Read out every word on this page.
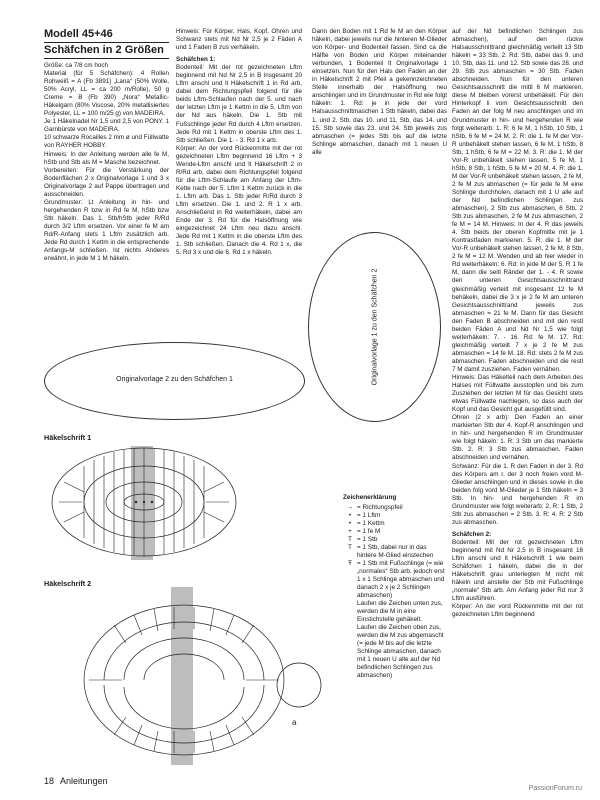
Modell 45+46
Schäfchen in 2 Größen

Größe: ca 7/8 cm hoch

Material (für 5 Schäfchen): 4 Rollen Rohweiß = A (Fb 3891) „Lana“ (50% Wolle, 50% Acryl, LL = ca 200 m/Rolle), 50 g Creme = B (Fb 390) „Nora“ Metallic-Häkelgarn (80% Viscose, 20% metallisiertes Polyester, LL = 100 m/25 g) von MADEIRA.

Je 1 Häkelnadel Nr 1,5 und 2,5 von PONY. 1 Garnbürste von MADEIRA.

10 schwarze Rocailles 2 mm ø und Füllwatte von RAYHER HOBBY.

Hinweis: In der Anleitung werden alle fe M, hStb und Stb als M = Masche bezeichnet.

Vorbereiten: Für die Verstärkung der Bodenflächen 2 x Originalvorlage 1 und 3 x Originalvorlage 2 auf Pappe übertragen und ausschneiden.

Grundmuster: Lt Anleitung in hin- und hergehenden R bzw in Rd fe M, hStb bzw Stb häkeln. Das 1. Stb/hStb jeder R/Rd durch 3/2 Lftm ersetzen. Vor einer fe M am Rd/R-Anfang stets 1 Lftm zusätzlich arb. Jede Rd durch 1 Kettm in die entsprechende Anfangs-M schließen. Ist nichts Anderes erwähnt, in jede M 1 M häkeln.

Hinweis: Für Körper, Hals, Kopf, Ohren und Schwanz stets mit Nd Nr 2,5 je 2 Fäden A und 1 Faden B zus verhäkeln.

Schäfchen 1:

Bodenteil: Mit der rot gezeichneten Lftm beginnend mit Nd Nr 2,5 in B insgesamt 20 Lftm anschl und lt Häkelschrift 1 in Rd arb, dabei dem Richtungspfeil folgend für die beids Lftm-Schlaufen nach der 5. und nach der letzten Lftm je 1 Kettm in die 5. Lftm von der Nd aus häkeln. Die 1. Stb mit Fußschlinge jeder Rd durch 4 Lftm ersetzen. Jede Rd mit 1 Kettm in oberste Lftm des 1. Stb schließen. Die 1. - 3. Rd 1 x arb.

Körper: An der vord Rückenmitte mit der rot gezeichneten Lftm beginnend 16 Lftm + 3 Wende-Lftm anschl und lt Häkelschrift 2 in R/Rd arb, dabei dem Richtungspfeil folgend für die Lftm-Schlaufe am Anfang der Lftm-Kette nach der 5. Lftm 1 Kettm zurück in die 1. Lftm arb. Das 1. Stb jeder R/Rd durch 3 Lftm ersetzen. Die 1. und 2. R 1 x arb. Anschließend in Rd weiterhäkeln, dabei am Ende der 3. Rd für die Halsöffnung wie eingezeichnet 24 Lftm neu dazu anschl. Jede Rd mit 1 Kettm in die oberste Lftm des 1. Stb schließen. Danach die 4. Rd 1 x, die 5. Rd 3 x und die 6. Rd 1 x häkeln.

Dann den Boden mit 1 Rd fe M an den Körper häkeln, dabei jeweils nur die hinteren M-Glieder von Körper- und Bodenteil fassen. Sind ca die Hälfte von Boden und Körper miteinander verbunden, 1 Bodenteil lt Originalvorlage 1 einsetzen. Nun für den Hals den Faden an der in Häkelschrift 2 mit Pfeil a gekennzeichneten Stelle innerhalb der Halsöffnung neu anschlingen und im Grundmuster in Rd wie folgt häkeln: 1. Rd: je in jede der vord Halsausschnittmaschen 1 Stb häkeln, dabei das 1. und 2. Stb, das 10. und 11. Stb, das 14. und 15. Stb sowie das 23. und 24. Stb jeweils zus abmaschen (= jedes Stb bis auf die letzte Schlinge abmaschen, danach mit 1 neuen U alle

auf der Nd befindlichen Schlingen zus abmaschen), auf den rückw Halsausschnittrand gleichmäßig verteilt 13 Stb häkeln = 33 Stb. 2. Rd: Stb, dabei das 9. und 10. Stb, das 11. und 12. Stb sowie das 28. und 29. Stb zus abmaschen = 30 Stb. Faden abschneiden. Nun für den unteren Gesichtsausschnitt die mittl 6 M markieren, diese M bleiben vorerst unbehäkelt. Für den Hinterkopf li vom Gesichtsausschnitt den Faden an der folg M neu anschlingen und im Grundmuster in hin- und hergehenden R wie folgt weiterarb: 1. R: 6 fe M, 1 hStb, 10 Stb, 1 hStb, 6 fe M = 24 M. 2. R: die 1. fe M der Vor-R unbehäkelt stehen lassen, 6 fe M, 1 hStb, 8 Stb, 1 hStb, 6 fe M = 22 M. 3. R: die 1. M der Vor-R unbehäkelt stehen lassen, 5 fe M, 1 hStb, 8 Stb, 1 hStb, 5 fe M = 20 M. 4. R: die 1. M der Vor-R unbehäkelt stehen lassen, 2 fe M, 2 fe M zus abmaschen (= für jede fe M eine Schlinge durchholen, danach mit 1 U alle auf der Nd befindlichen Schlingen zus abmaschen), 2 Stb zus abmaschen, 6 Stb, 2 Stb zus abmaschen, 2 fe M zus abmaschen, 2 fe M = 14 M. Hinweis: In der 4. R das jeweils 4. Stb beids der oberen Kopfmitte mit je 1 Kontrastfaden markieren. 5. R: die 1. M der Vor-R unbehäkelt stehen lassen, 2 fe M, 8 Stb, 2 fe M = 12 M. Wenden und ab hier wieder in Rd weiterhäkeln: 6. Rd: in jede M der 5. R 1 fe M, dann die seitl Ränder der 1. - 4. R sowie den unteren Gesichtsausschnittrand gleichmäßig verteilt mit insgesamt 12 fe M behäkeln, dabei die 3 x je 2 fe M am unteren Gesichtsausschnittrand jeweils zus abmaschen = 21 fe M. Dann für das Gesicht den Faden B abschneiden und mit den restl beiden Fäden A und Nd Nr 1,5 wie folgt weiterhäkeln: 7. - 16. Rd: fe M. 17. Rd: gleichmäßig verteilt 7 x je 2 fe M zus abmaschen = 14 fe M. 18. Rd: stets 2 fe M zus abmaschen. Faden abschneiden und die restl 7 M damit zusziehen. Faden vernähen.

Hinweis: Das Häkelteil nach dem Arbeiten des Halses mit Füllwatte ausstopfen und bis zum Zusziehen der letzten M für das Gesicht stets etwas Füllwatte nachlegen, so dass auch der Kopf und das Gesicht gut ausgefüllt sind.

Ohren (2 x arb): Den Faden an einer markierten Stb der 4. Kopf-R anschlingen und in hin- und hergehenden R im Grundmuster wie folgt häkeln: 1. R: 3 Stb um das markierte Stb. 2. R: 3 Stb zus abmaschen. Faden abschneiden und vernähen.

Schwanz: Für die 1. R den Faden in der 3. Rd des Körpers am r. der 3 noch freien vord M-Glieder anschlingen und in dieses sowie in die beiden folg vord M-Glieder je 1 Stb häkeln = 3 Stb. In hin- und hergehenden R im Grundmuster wie folgt weiterarb: 2. R: 1 Stb, 2 Stb zus abmaschen = 2 Stb. 3. R: 4. R: 2 Stb zus abmaschen.

Schäfchen 2:

Bodenteil: Mit der rot gezeichneten Lftm beginnend mit Nd Nr 2,5 in B insgesamt 16 Lftm anschl und lt Häkelschrift 1 wie beim Schäfchen 1 häkeln, dabei die in der Häkelschrift grau unterlegten M nicht mit häkeln und anstelle der Stb mit Fußschlinge „normale“ Stb arb. Am Anfang jeder Rd nur 3 Lftm ausführen.

Körper: An der vord Rückenmitte mit der rot gezeichneten Lftm beginnend

Originalvorlage 1 zu den Schäfchen 2
Originalvorlage 2 zu den Schäfchen 1
Häkelschrift 1
Häkelschrift 2
a
Zeichenerklärung
→ = Richtungspfeil
• = 1 Lftm
• = 1 Kettm
+ = 1 fe M
T = 1 Stb
T = 1 Stb, dabei nur in das hintere M-Glied einstechen
Ŧ = 1 Stb mit Fußschlinge (= wie „normales“ Stb arb. jedoch erst 1 x 1 Schlinge abmaschen und danach 2 x je 2 Schlingen abmaschen)
Laufen die Zeichen unten zus, werden die M in eine Einstichstelle gehäkelt.
Laufen die Zeichen oben zus, werden die M zus abgemascht (= jede M bis auf die letzte Schlinge abmaschen, danach mit 1 neuen U alle auf der Nd befindlichen Schlingen zus abmaschen)
18 Anleitungen
PassionForum.ru
